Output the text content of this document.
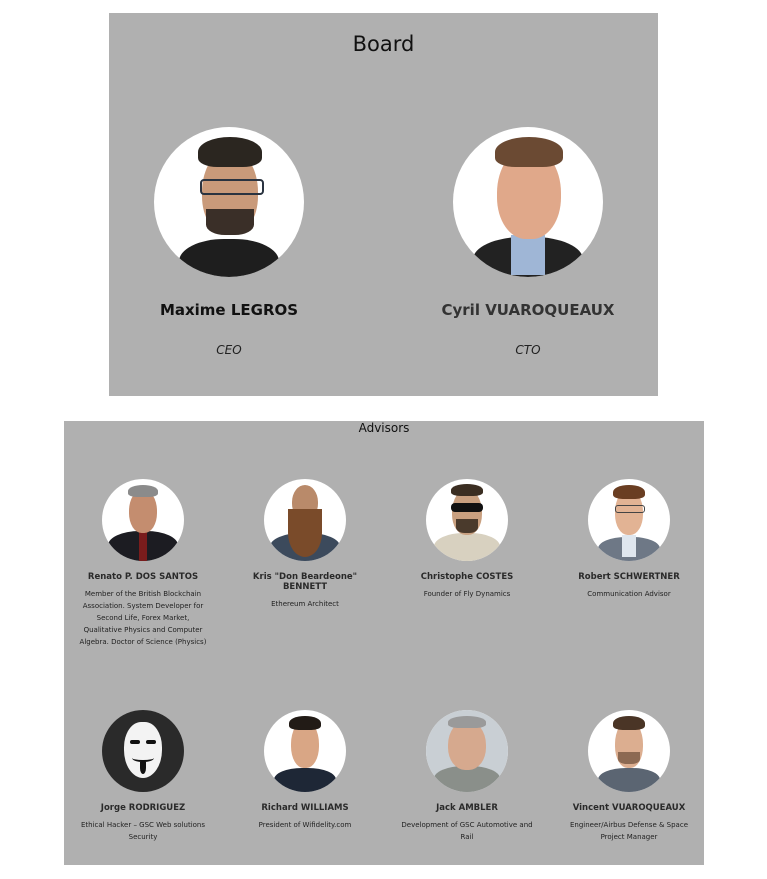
Board
Maxime LEGROS
CEO
Cyril VUAROQUEAUX
CTO
Advisors
Renato P. DOS SANTOS
Member of the British Blockchain Association. System Developer for Second Life, Forex Market, Qualitative Physics and Computer Algebra. Doctor of Science (Physics)
Kris "Don Beardeone" BENNETT
Ethereum Architect
Christophe COSTES
Founder of Fly Dynamics
Robert SCHWERTNER
Communication Advisor
Jorge RODRIGUEZ
Ethical Hacker – GSC Web solutions Security
Richard WILLIAMS
President of Wifidelity.com
Jack AMBLER
Development of GSC Automotive and Rail
Vincent VUAROQUEAUX
Engineer/Airbus Defense & Space Project Manager
